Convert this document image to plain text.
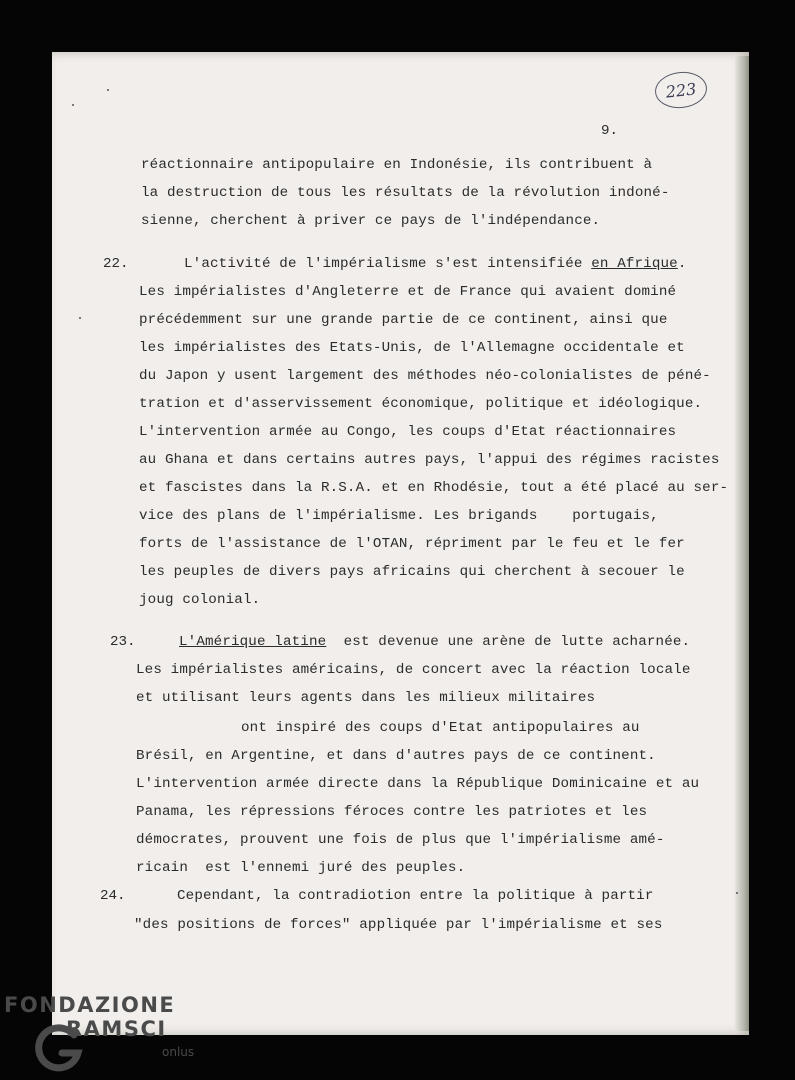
223
9.
réactionnaire antipopulaire en Indonésie, ils contribuent à
la destruction de tous les résultats de la révolution indoné-
sienne, cherchent à priver ce pays de l'indépendance.
22.	L'activité de l'impérialisme s'est intensifiée en Afrique.
Les impérialistes d'Angleterre et de France qui avaient dominé
précédemment sur une grande partie de ce continent, ainsi que
les impérialistes des Etats-Unis, de l'Allemagne occidentale et
du Japon y usent largement des méthodes néo-colonialistes de péné-
tration et d'asservissement économique, politique et idéologique.
L'intervention armée au Congo, les coups d'Etat réactionnaires
au Ghana et dans certains autres pays, l'appui des régimes racistes
et fascistes dans la R.S.A. et en Rhodésie, tout a été placé au ser-
vice des plans de l'impérialisme. Les brigands    portugais,
forts de l'assistance de l'OTAN, répriment par le feu et le fer
les peuples de divers pays africains qui cherchent à secouer le
joug colonial.
23.	L'Amérique latine  est devenue une arène de lutte acharnée.
Les impérialistes américains, de concert avec la réaction locale
et utilisant leurs agents dans les milieux militaires
ont inspiré des coups d'Etat antipopulaires au
Brésil, en Argentine, et dans d'autres pays de ce continent.
L'intervention armée directe dans la République Dominicaine et au
Panama, les répressions féroces contre les patriotes et les
démocrates, prouvent une fois de plus que l'impérialisme amé-
ricain  est l'ennemi juré des peuples.
24.	Cependant, la contradiotion entre la politique à partir
"des positions de forces" appliquée par l'impérialisme et ses
FONDAZIONE
RAMSCI
onlus
